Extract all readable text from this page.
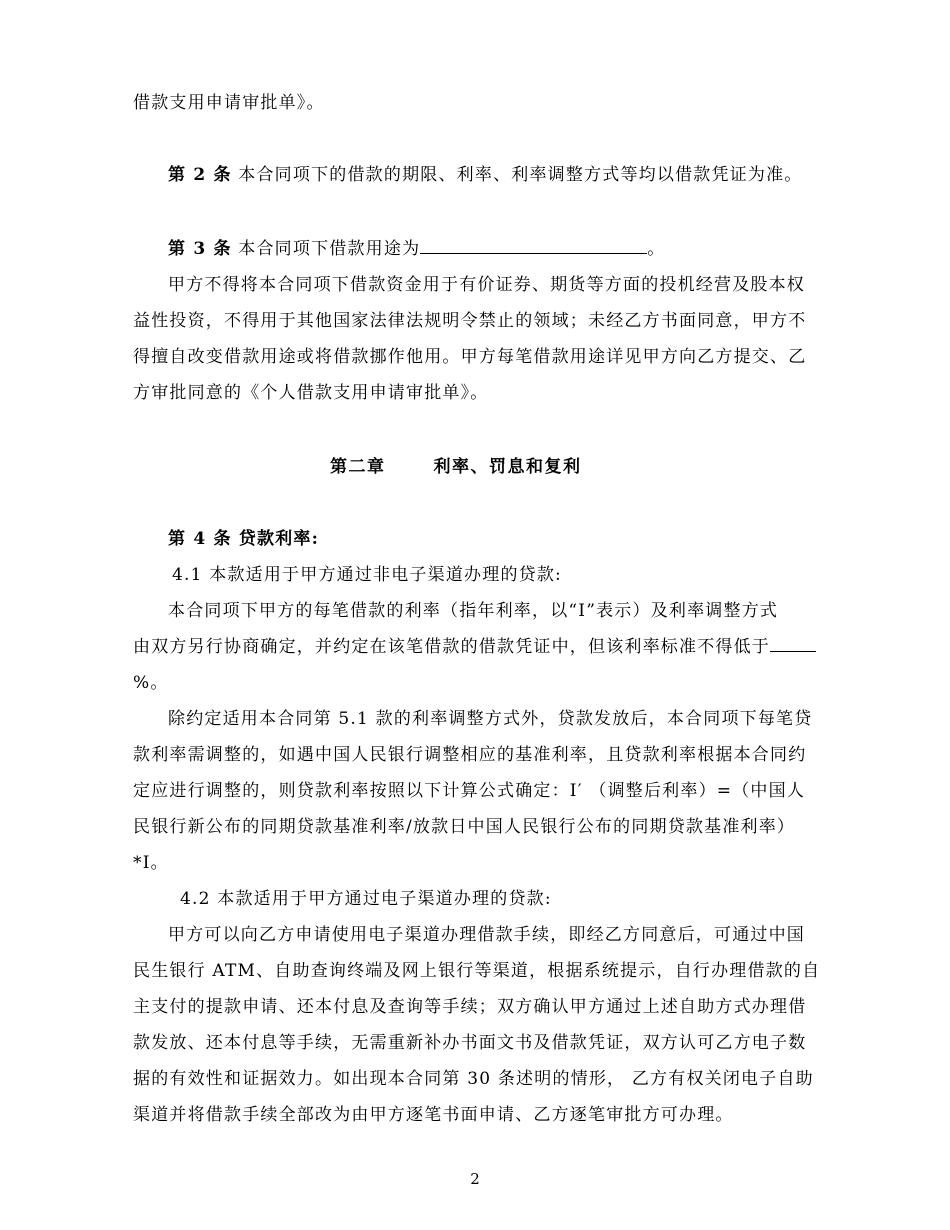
借款支用申请审批单》。
第 2 条 本合同项下的借款的期限、利率、利率调整方式等均以借款凭证为准。
第 3 条 本合同项下借款用途为	。
甲方不得将本合同项下借款资金用于有价证券、期货等方面的投机经营及股本权
益性投资，不得用于其他国家法律法规明令禁止的领域；未经乙方书面同意，甲方不
得擅自改变借款用途或将借款挪作他用。甲方每笔借款用途详见甲方向乙方提交、乙
方审批同意的《个人借款支用申请审批单》。
第二章	利率、罚息和复利
第 4 条 贷款利率:
4.1 本款适用于甲方通过非电子渠道办理的贷款:
本合同项下甲方的每笔借款的利率（指年利率，以“I”表示）及利率调整方式
由双方另行协商确定，并约定在该笔借款的借款凭证中，但该利率标准不得低于
%。
除约定适用本合同第 5.1 款的利率调整方式外，贷款发放后，本合同项下每笔贷
款利率需调整的，如遇中国人民银行调整相应的基准利率，且贷款利率根据本合同约
定应进行调整的，则贷款利率按照以下计算公式确定：I′ （调整后利率）=（中国人
民银行新公布的同期贷款基准利率/放款日中国人民银行公布的同期贷款基准利率）
*I。
4.2 本款适用于甲方通过电子渠道办理的贷款:
甲方可以向乙方申请使用电子渠道办理借款手续，即经乙方同意后，可通过中国
民生银行 ATM、自助查询终端及网上银行等渠道，根据系统提示，自行办理借款的自
主支付的提款申请、还本付息及查询等手续；双方确认甲方通过上述自助方式办理借
款发放、还本付息等手续，无需重新补办书面文书及借款凭证，双方认可乙方电子数
据的有效性和证据效力。如出现本合同第 30 条述明的情形， 乙方有权关闭电子自助
渠道并将借款手续全部改为由甲方逐笔书面申请、乙方逐笔审批方可办理。
2
